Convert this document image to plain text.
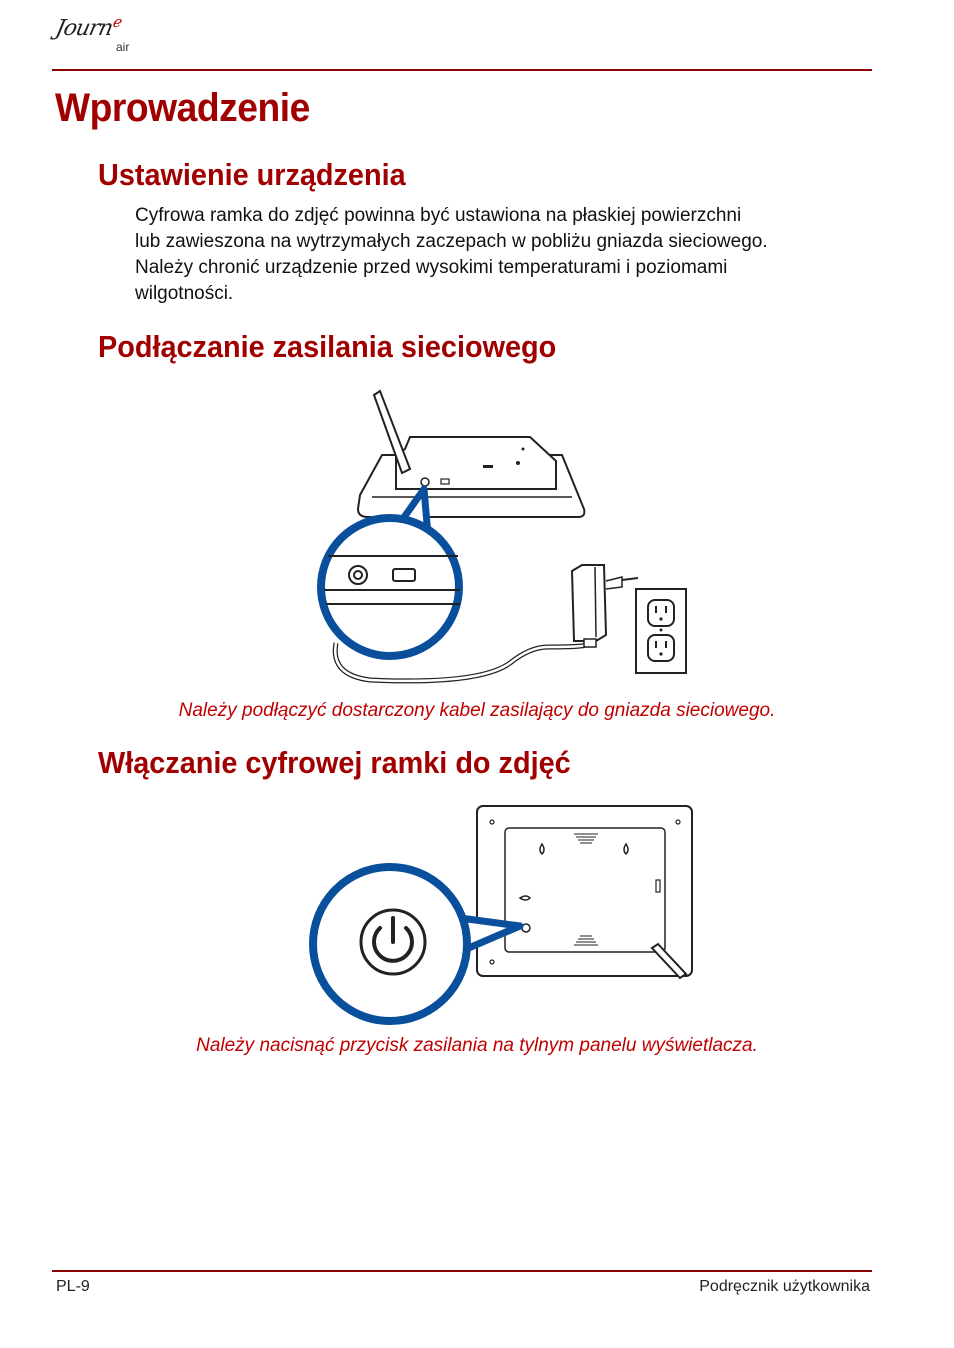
Journ$^e$
air
Wprowadzenie
Ustawienie urządzenia

Cyfrowa ramka do zdjęć powinna być ustawiona na płaskiej powierzchni
lub zawieszona na wytrzymałych zaczepach w pobliżu gniazda sieciowego.
Należy chronić urządzenie przed wysokimi temperaturami i poziomami
wilgotności.

Podłączanie zasilania sieciowego
Należy podłączyć dostarczony kabel zasilający do gniazda sieciowego.
Włączanie cyfrowej ramki do zdjęć
Należy nacisnąć przycisk zasilania na tylnym panelu wyświetlacza.
PL-9	Podręcznik użytkownika
